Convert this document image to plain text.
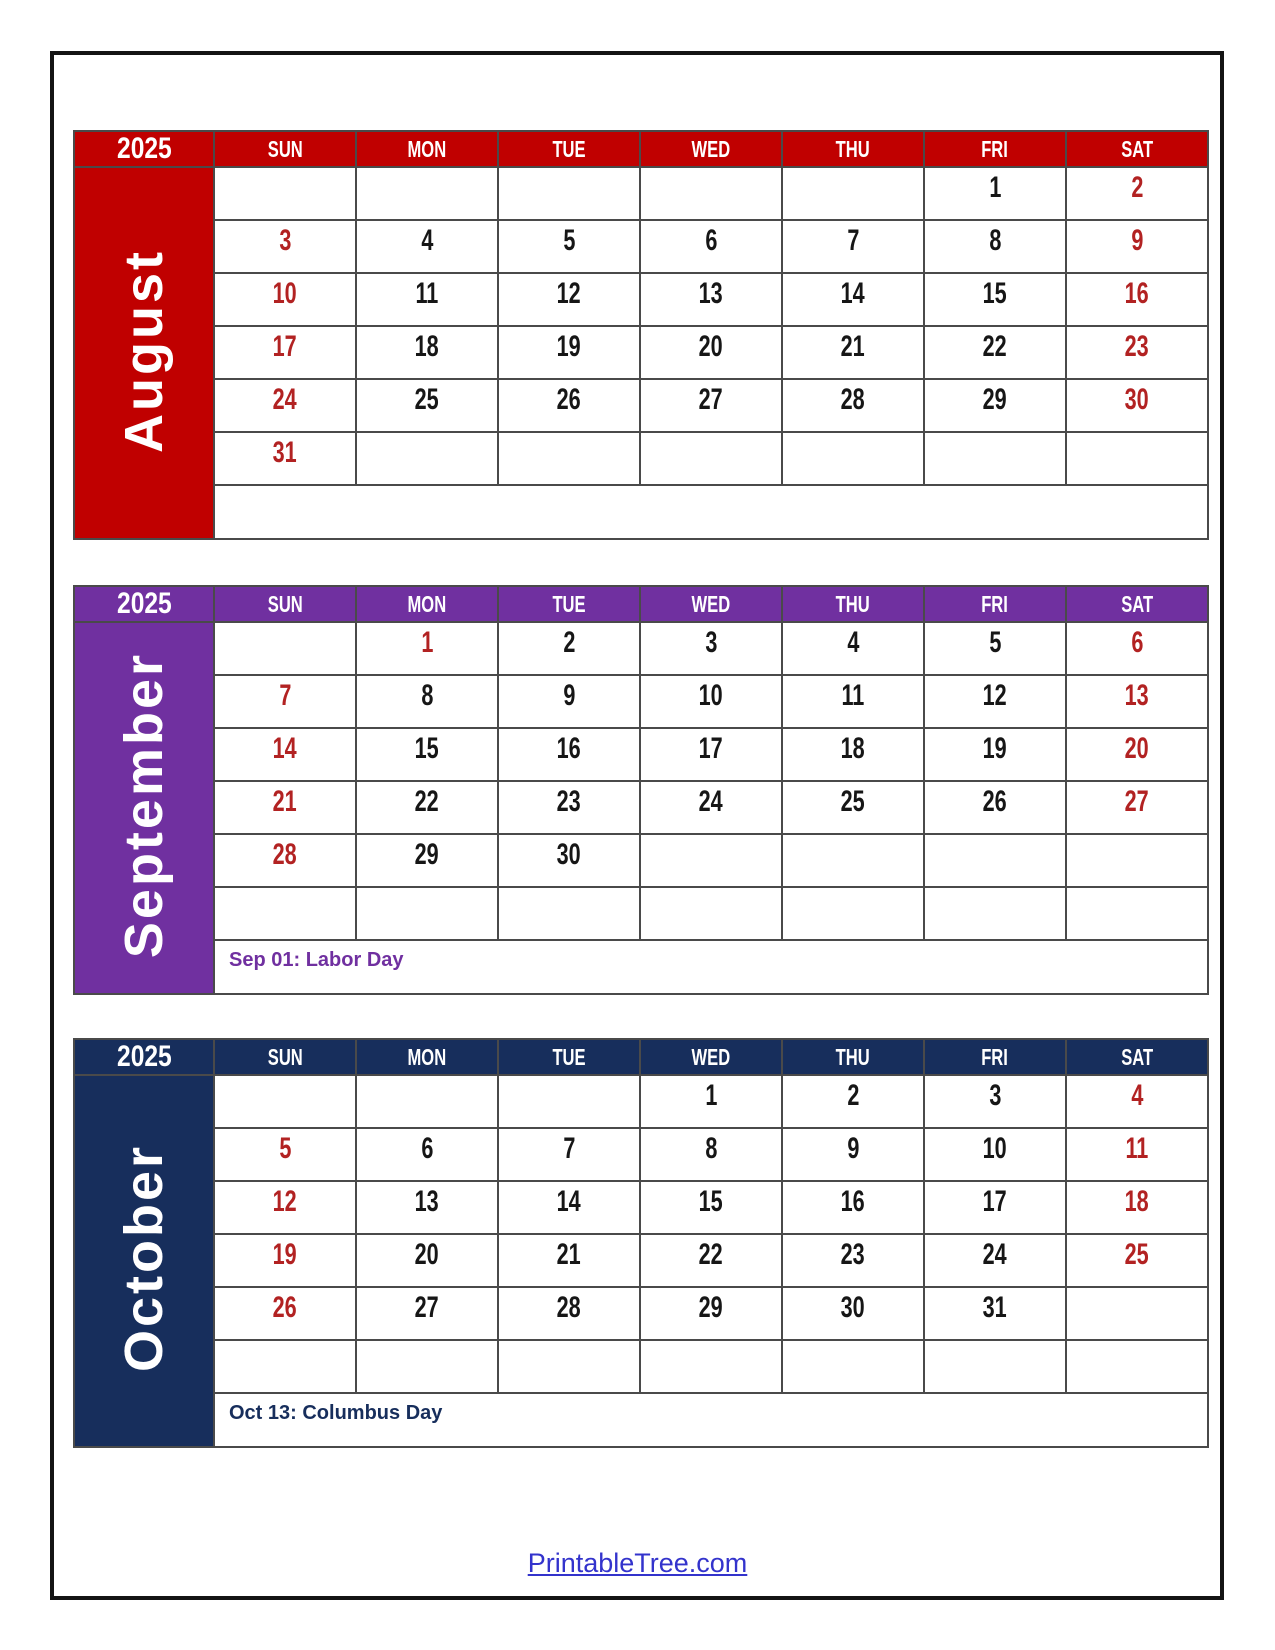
2025	SUN	MON	TUE	WED	THU	FRI	SAT
August						1	2
	3	4	5	6	7	8	9
	10	11	12	13	14	15	16
	17	18	19	20	21	22	23
	24	25	26	27	28	29	30
	31						

2025	SUN	MON	TUE	WED	THU	FRI	SAT
September		1	2	3	4	5	6
	7	8	9	10	11	12	13
	14	15	16	17	18	19	20
	21	22	23	24	25	26	27
	28	29	30				

	Sep 01: Labor Day						
2025	SUN	MON	TUE	WED	THU	FRI	SAT
October				1	2	3	4
	5	6	7	8	9	10	11
	12	13	14	15	16	17	18
	19	20	21	22	23	24	25
	26	27	28	29	30	31	

	Oct 13: Columbus Day						
PrintableTree.com
